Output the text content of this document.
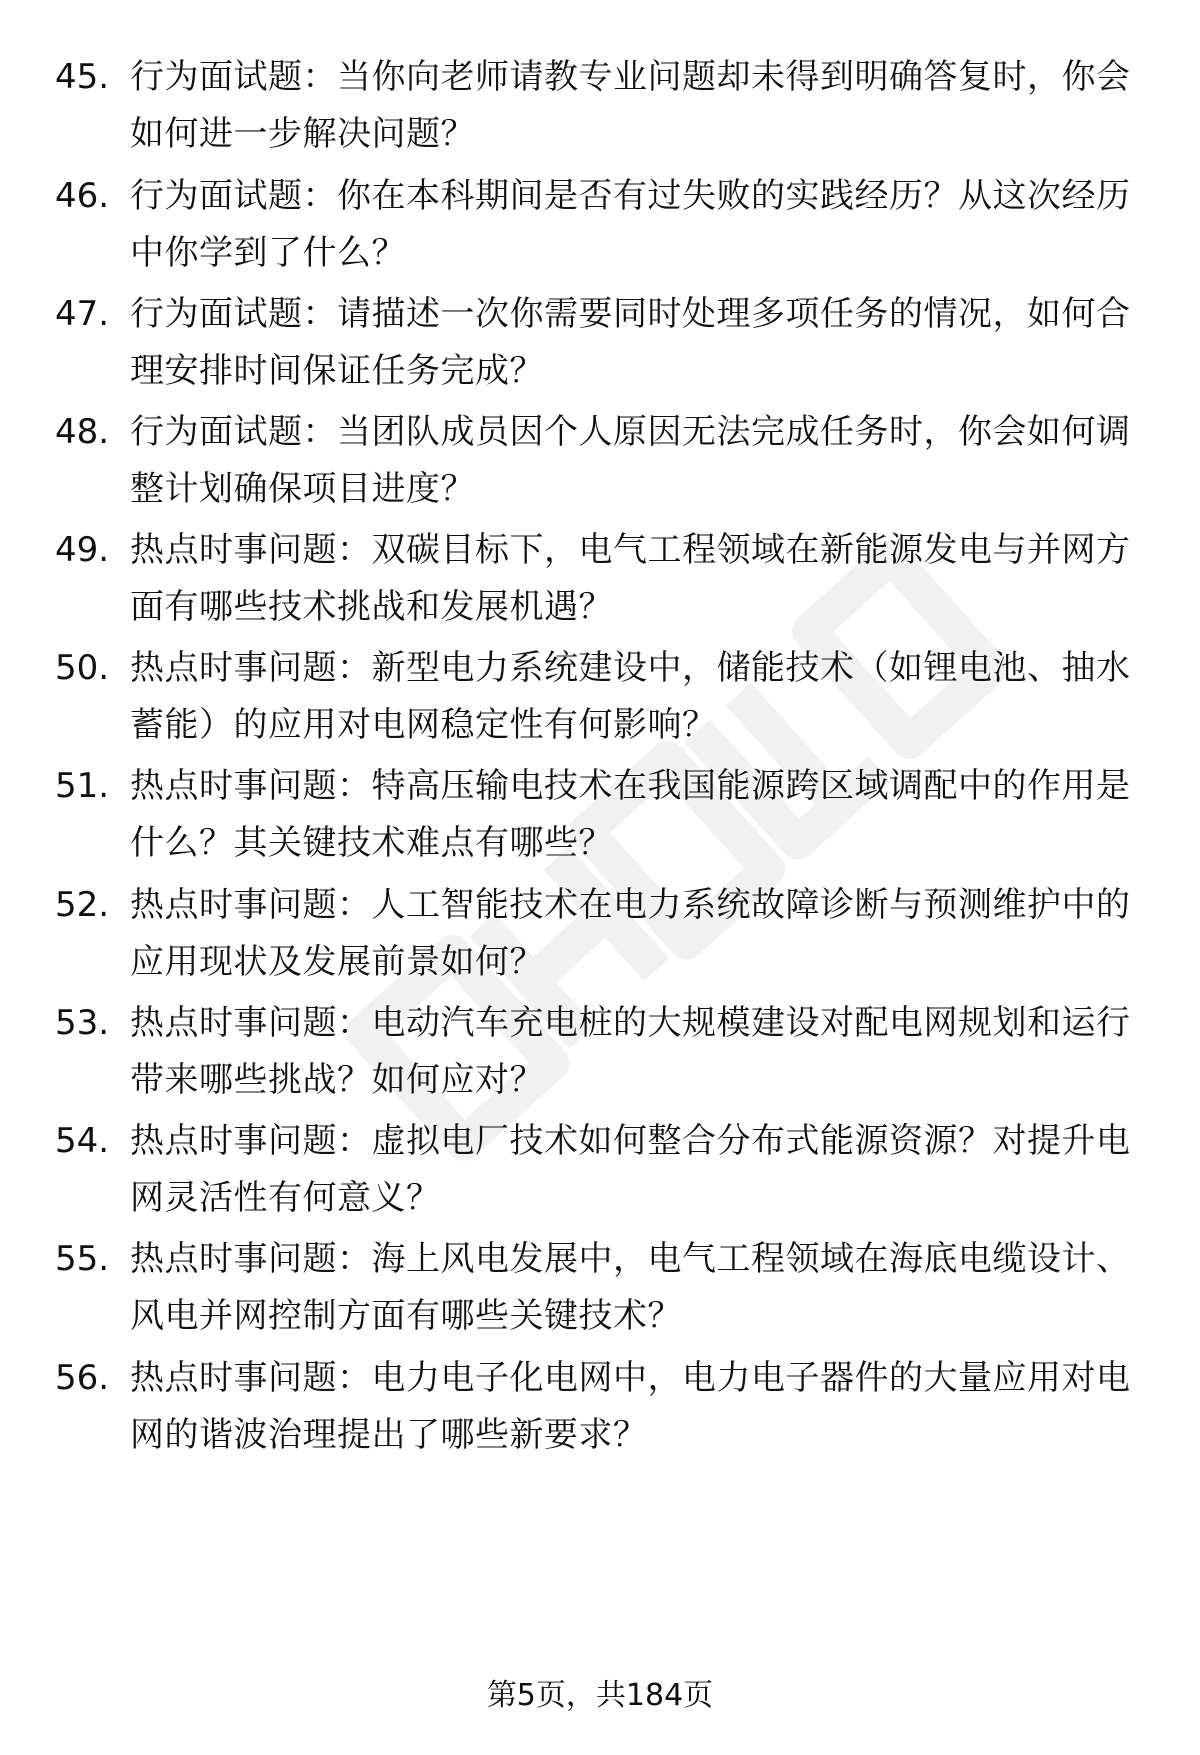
45. 行为面试题：当你向老师请教专业问题却未得到明确答复时，你会如何进一步解决问题？
46. 行为面试题：你在本科期间是否有过失败的实践经历？从这次经历中你学到了什么？
47. 行为面试题：请描述一次你需要同时处理多项任务的情况，如何合理安排时间保证任务完成？
48. 行为面试题：当团队成员因个人原因无法完成任务时，你会如何调整计划确保项目进度？
49. 热点时事问题：双碳目标下，电气工程领域在新能源发电与并网方面有哪些技术挑战和发展机遇？
50. 热点时事问题：新型电力系统建设中，储能技术（如锂电池、抽水蓄能）的应用对电网稳定性有何影响？
51. 热点时事问题：特高压输电技术在我国能源跨区域调配中的作用是什么？其关键技术难点有哪些？
52. 热点时事问题：人工智能技术在电力系统故障诊断与预测维护中的应用现状及发展前景如何？
53. 热点时事问题：电动汽车充电桩的大规模建设对配电网规划和运行带来哪些挑战？如何应对？
54. 热点时事问题：虚拟电厂技术如何整合分布式能源资源？对提升电网灵活性有何意义？
55. 热点时事问题：海上风电发展中，电气工程领域在海底电缆设计、风电并网控制方面有哪些关键技术？
56. 热点时事问题：电力电子化电网中，电力电子器件的大量应用对电网的谐波治理提出了哪些新要求？
第5页，共184页
